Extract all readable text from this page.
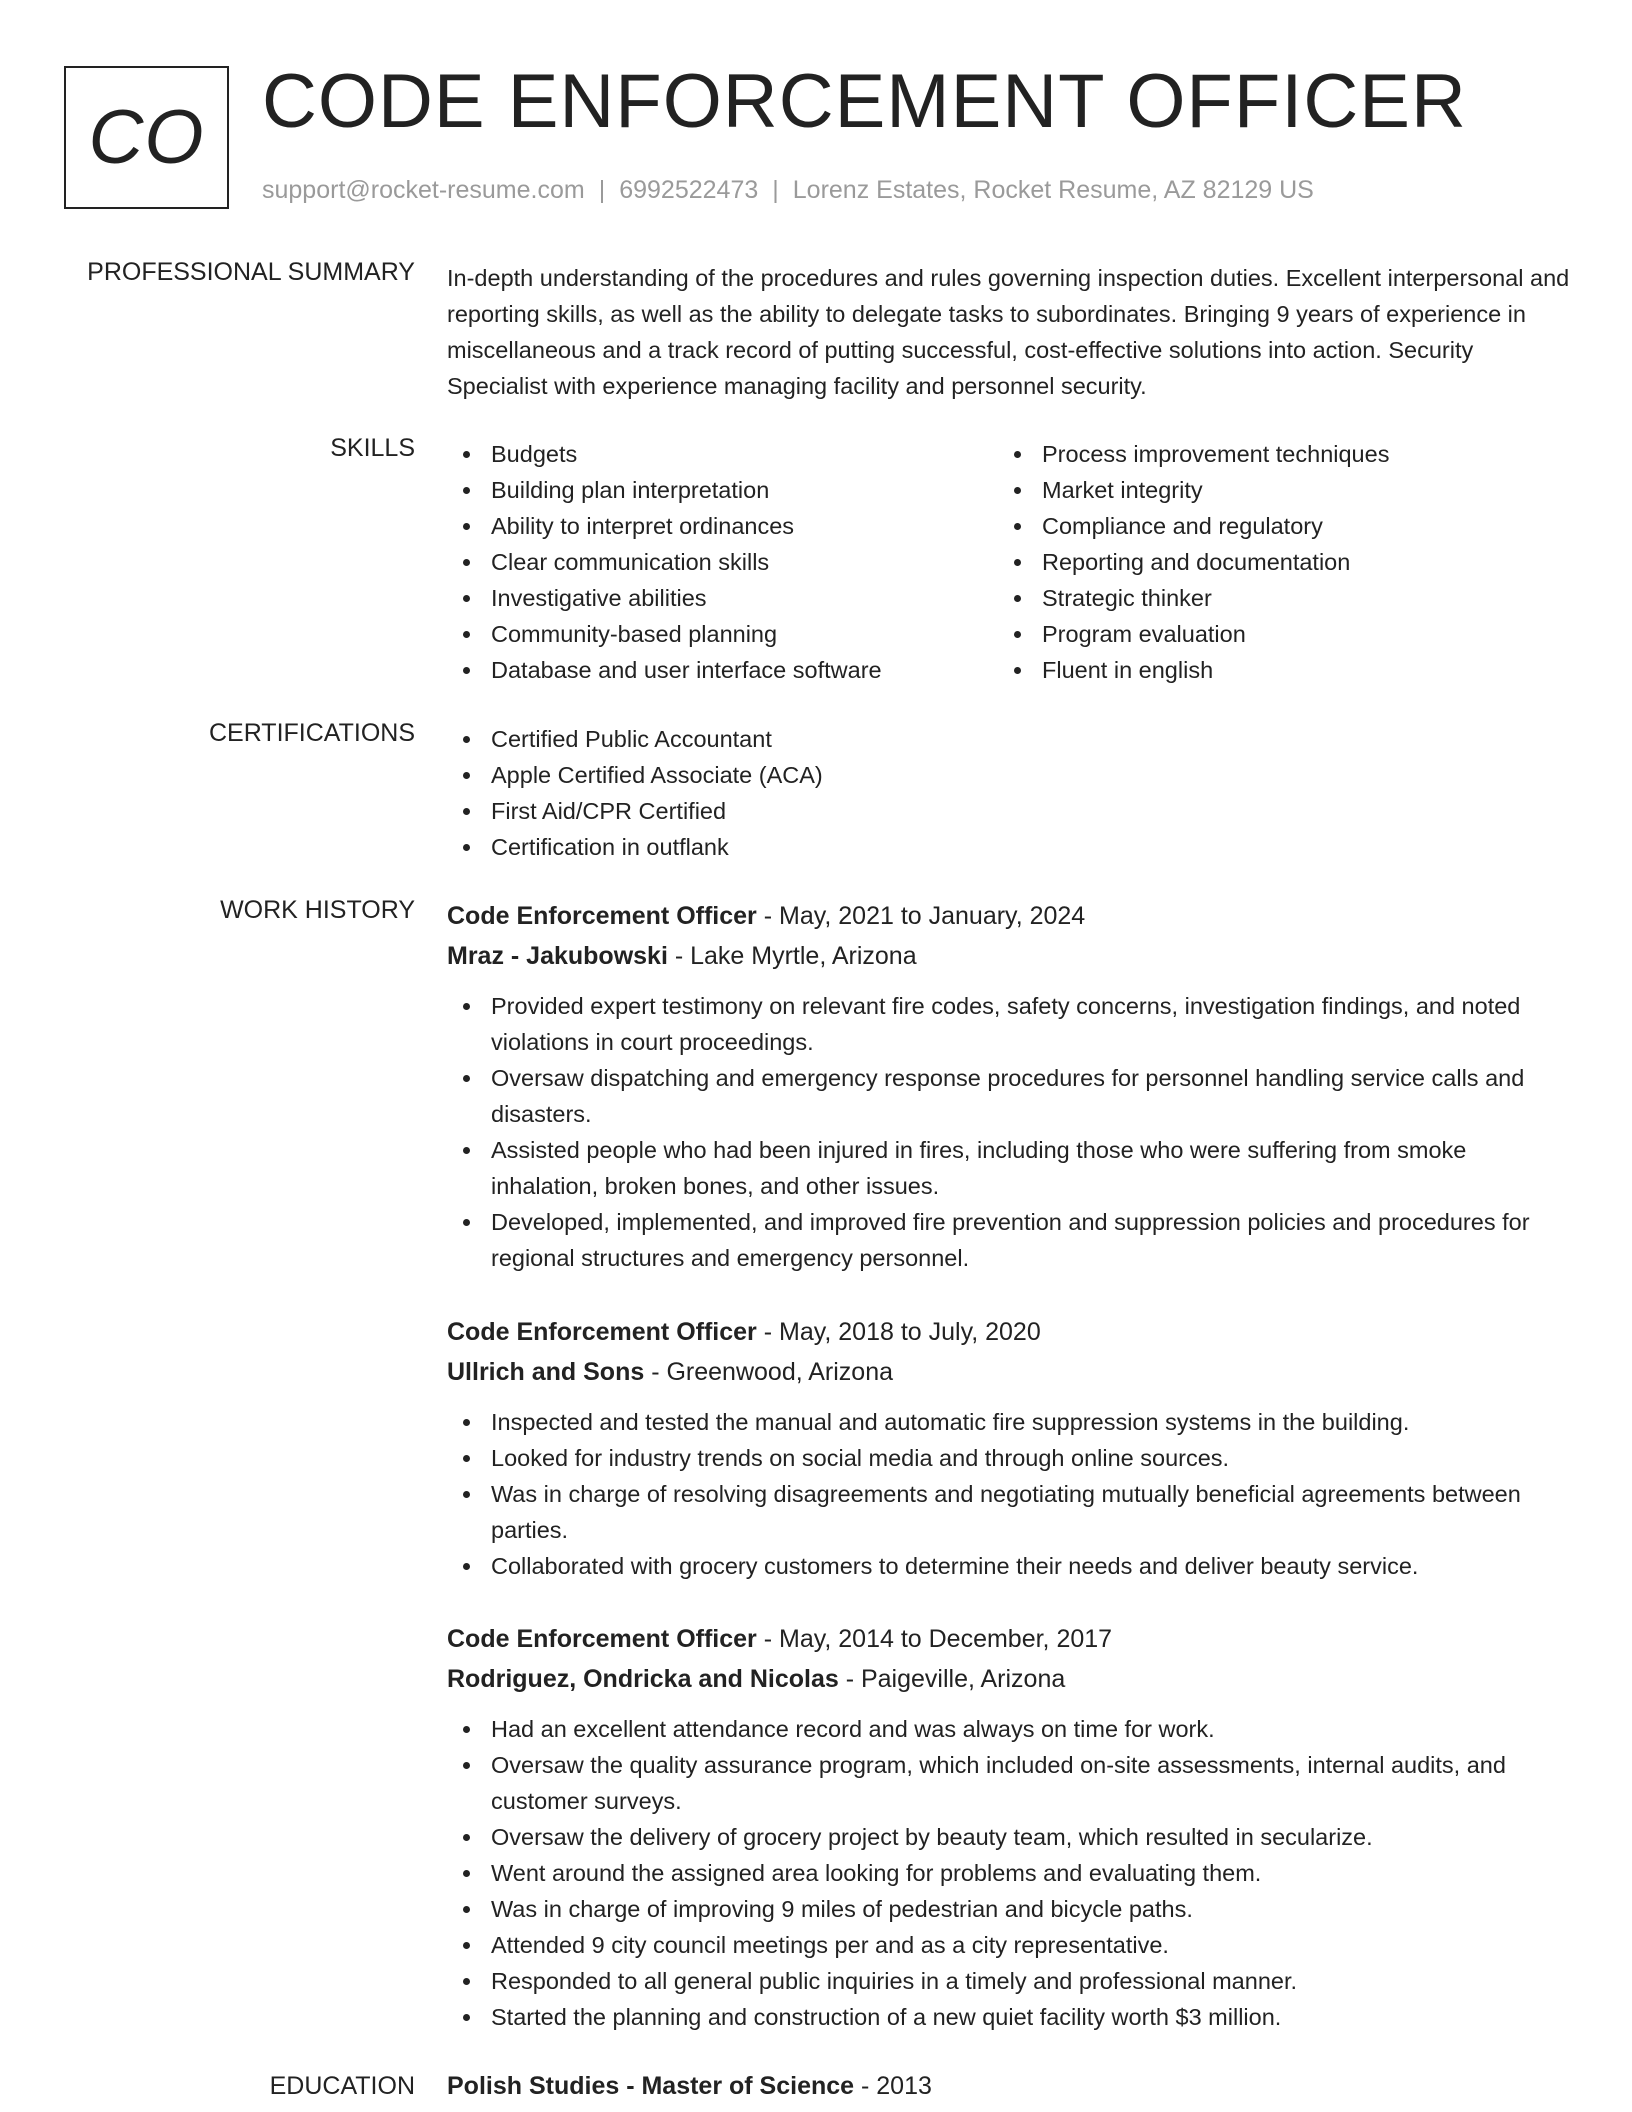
CO CODE ENFORCEMENT OFFICER
support@rocket-resume.com | 6992522473 | Lorenz Estates, Rocket Resume, AZ 82129 US
PROFESSIONAL SUMMARY In-depth understanding of the procedures and rules governing inspection duties. Excellent interpersonal and reporting skills, as well as the ability to delegate tasks to subordinates. Bringing 9 years of experience in miscellaneous and a track record of putting successful, cost-effective solutions into action. Security Specialist with experience managing facility and personnel security.

SKILLS	Budgets
Building plan interpretation
Ability to interpret ordinances
Clear communication skills
Investigative abilities
Community-based planning
Database and user interface software
Process improvement techniques
Market integrity
Compliance and regulatory
Reporting and documentation
Strategic thinker
Program evaluation
Fluent in english
CERTIFICATIONS	Certified Public Accountant
Apple Certified Associate (ACA)
First Aid/CPR Certified
Certification in outflank
WORK HISTORY Code Enforcement Officer - May, 2021 to January, 2024
Mraz - Jakubowski - Lake Myrtle, Arizona
Provided expert testimony on relevant fire codes, safety concerns, investigation findings, and noted violations in court proceedings.
Oversaw dispatching and emergency response procedures for personnel handling service calls and disasters.
Assisted people who had been injured in fires, including those who were suffering from smoke inhalation, broken bones, and other issues.
Developed, implemented, and improved fire prevention and suppression policies and procedures for regional structures and emergency personnel.
Code Enforcement Officer - May, 2018 to July, 2020
Ullrich and Sons - Greenwood, Arizona
Inspected and tested the manual and automatic fire suppression systems in the building.
Looked for industry trends on social media and through online sources.
Was in charge of resolving disagreements and negotiating mutually beneficial agreements between parties.
Collaborated with grocery customers to determine their needs and deliver beauty service.
Code Enforcement Officer - May, 2014 to December, 2017
Rodriguez, Ondricka and Nicolas - Paigeville, Arizona
Had an excellent attendance record and was always on time for work.
Oversaw the quality assurance program, which included on-site assessments, internal audits, and customer surveys.
Oversaw the delivery of grocery project by beauty team, which resulted in secularize.
Went around the assigned area looking for problems and evaluating them.
Was in charge of improving 9 miles of pedestrian and bicycle paths.
Attended 9 city council meetings per and as a city representative.
Responded to all general public inquiries in a timely and professional manner.
Started the planning and construction of a new quiet facility worth $3 million.
EDUCATION Polish Studies - Master of Science - 2013
